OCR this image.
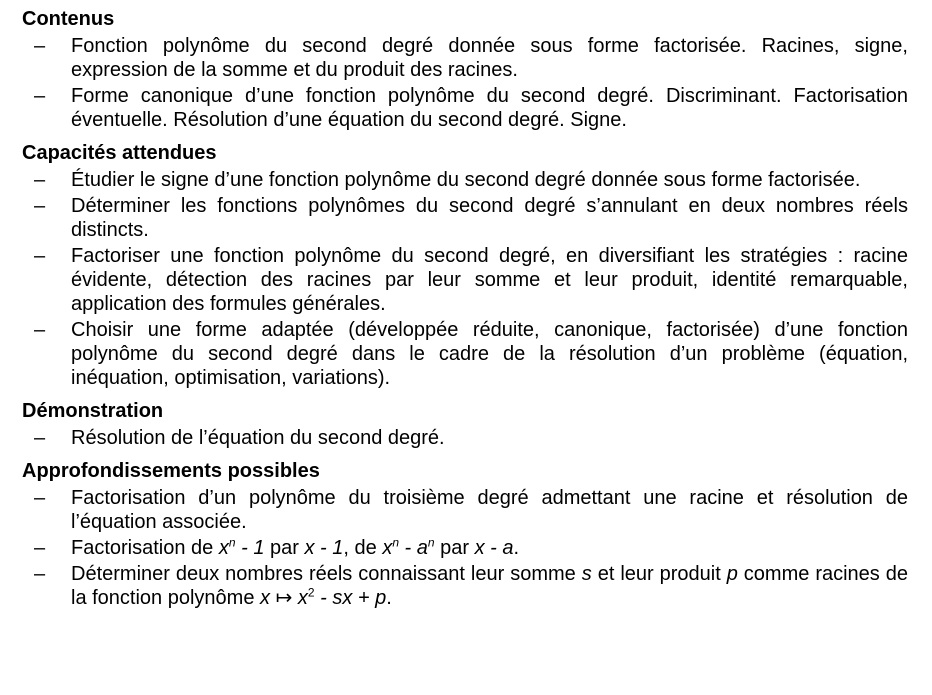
Contenus
–	Fonction polynôme du second degré donnée sous forme factorisée. Racines, signe, expression de la somme et du produit des racines.
–	Forme canonique d’une fonction polynôme du second degré. Discriminant. Factorisation éventuelle. Résolution d’une équation du second degré. Signe.
Capacités attendues
–	Étudier le signe d’une fonction polynôme du second degré donnée sous forme factorisée.
–	Déterminer les fonctions polynômes du second degré s’annulant en deux nombres réels distincts.
–	Factoriser une fonction polynôme du second degré, en diversifiant les stratégies : racine évidente, détection des racines par leur somme et leur produit, identité remarquable, application des formules générales.
–	Choisir une forme adaptée (développée réduite, canonique, factorisée) d’une fonction polynôme du second degré dans le cadre de la résolution d’un problème (équation, inéquation, optimisation, variations).
Démonstration
–	Résolution de l’équation du second degré.
Approfondissements possibles
–	Factorisation d’un polynôme du troisième degré admettant une racine et résolution de l’équation associée.
–	Factorisation de $x^n - 1$ par x - 1, de $x^n - a^n$ par x - a.
–	Déterminer deux nombres réels connaissant leur somme s et leur produit p comme racines de la fonction polynôme x ↦ $x^2$ - sx + p.
